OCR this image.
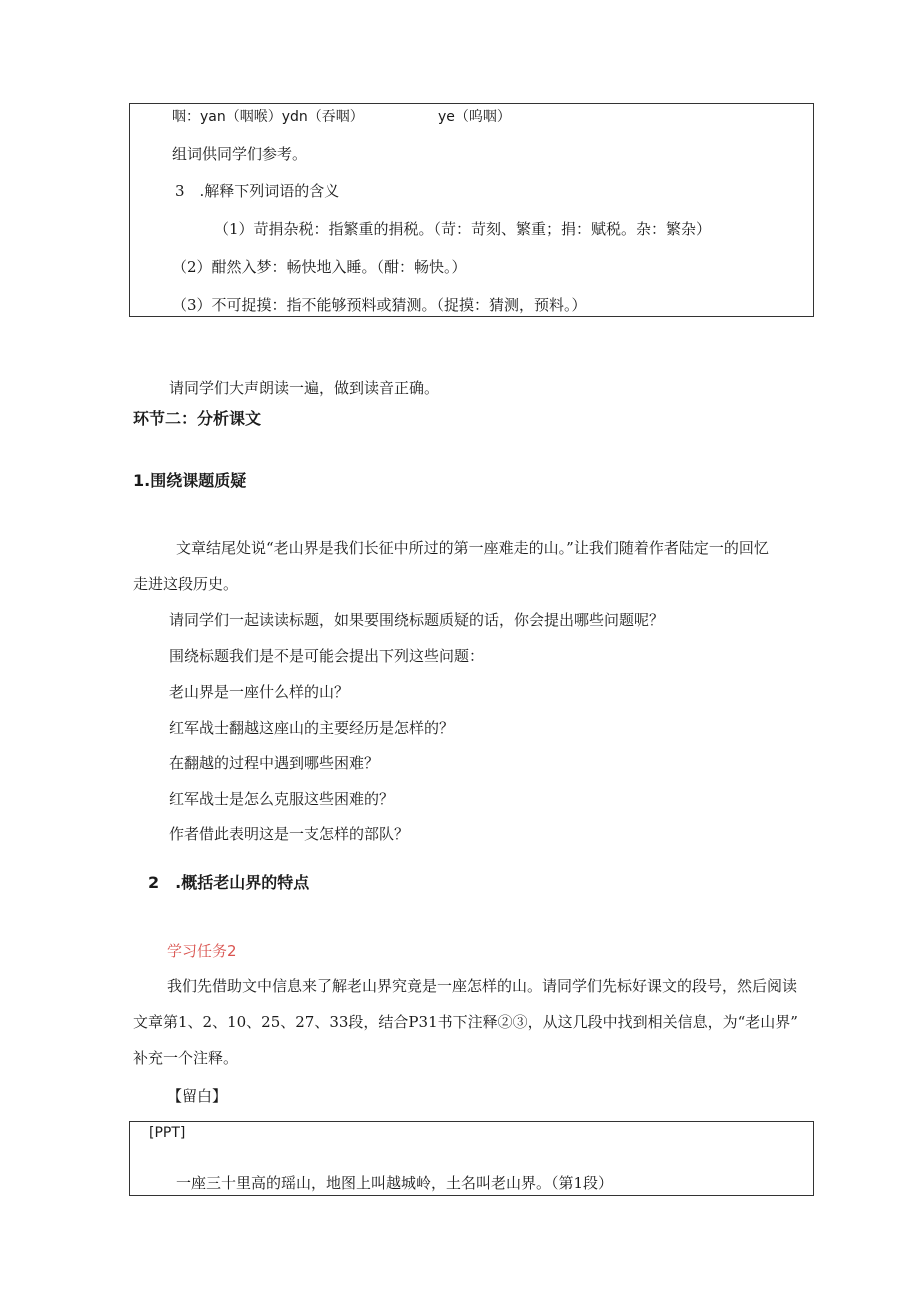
咽：yan（咽喉）ydn（吞咽）	ye（呜咽）
组词供同学们参考。
3　.解释下列词语的含义
（1）苛捐杂税：指繁重的捐税。（苛：苛刻、繁重；捐：赋税。杂：繁杂）
（2）酣然入梦：畅快地入睡。（酣：畅快。）
（3）不可捉摸：指不能够预料或猜测。（捉摸：猜测，预料。）
请同学们大声朗读一遍，做到读音正确。
环节二：分析课文
1.围绕课题质疑
文章结尾处说“老山界是我们长征中所过的第一座难走的山。”让我们随着作者陆定一的回忆
走进这段历史。
请同学们一起读读标题，如果要围绕标题质疑的话，你会提出哪些问题呢？
围绕标题我们是不是可能会提出下列这些问题：
老山界是一座什么样的山？
红军战士翻越这座山的主要经历是怎样的？
在翻越的过程中遇到哪些困难？
红军战士是怎么克服这些困难的？
作者借此表明这是一支怎样的部队？
2　.概括老山界的特点
学习任务2
我们先借助文中信息来了解老山界究竟是一座怎样的山。请同学们先标好课文的段号，然后阅读
文章第1、2、10、25、27、33段，结合P31书下注释②③，从这几段中找到相关信息，为“老山界”
补充一个注释。
【留白】
[PPT]
一座三十里高的瑶山，地图上叫越城岭，土名叫老山界。（第1段）
